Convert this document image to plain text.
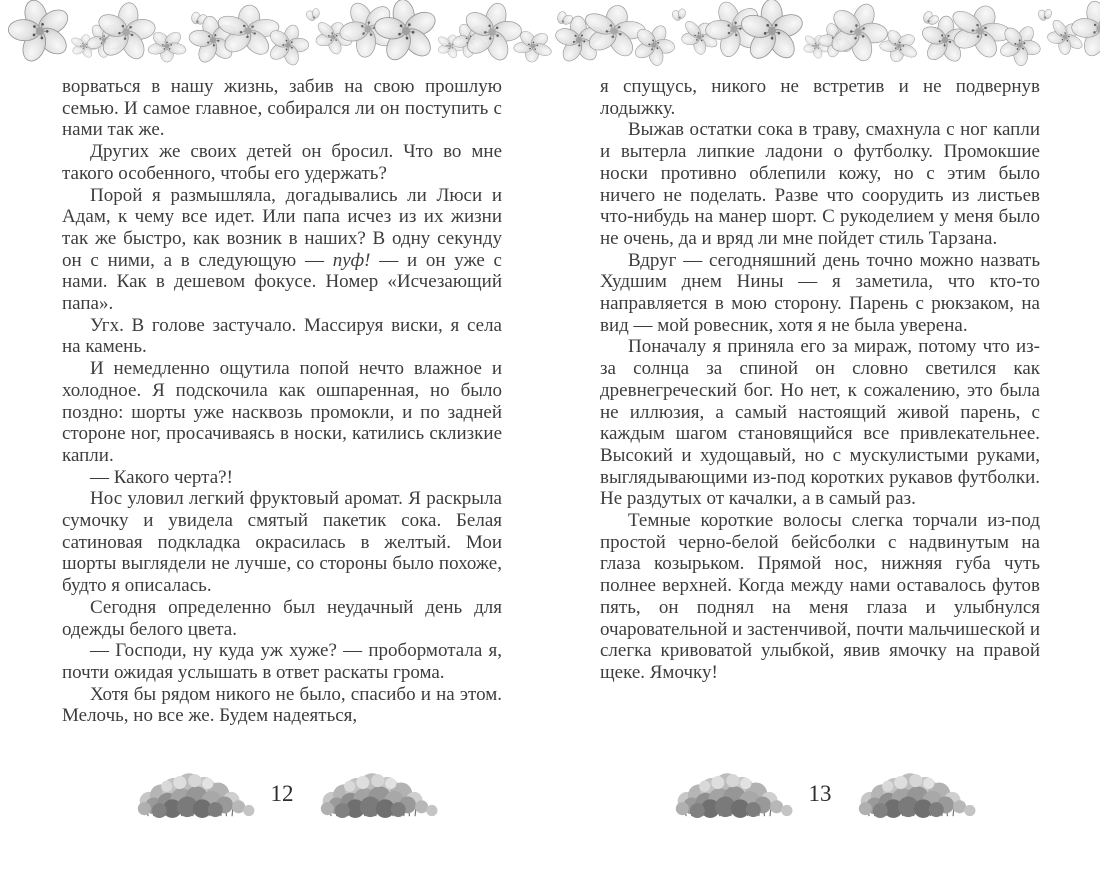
ворваться в нашу жизнь, забив на свою прошлую семью. И самое главное, собирался ли он поступить с нами так же.

Других же своих детей он бросил. Что во мне такого особенного, чтобы его удержать?

Порой я размышляла, догадывались ли Люси и Адам, к чему все идет. Или папа исчез из их жизни так же быстро, как возник в наших? В одну секунду он с ними, а в следующую — пуф! — и он уже с нами. Как в дешевом фокусе. Номер «Исчезающий папа».

Угх. В голове застучало. Массируя виски, я села на камень.

И немедленно ощутила попой нечто влажное и холодное. Я подскочила как ошпаренная, но было поздно: шорты уже насквозь промокли, и по задней стороне ног, просачиваясь в носки, катились склизкие капли.

— Какого черта?!

Нос уловил легкий фруктовый аромат. Я раскрыла сумочку и увидела смятый пакетик сока. Белая сатиновая подкладка окрасилась в желтый. Мои шорты выглядели не лучше, со стороны было похоже, будто я описалась.

Сегодня определенно был неудачный день для одежды белого цвета.

— Господи, ну куда уж хуже? — пробормотала я, почти ожидая услышать в ответ раскаты грома.

Хотя бы рядом никого не было, спасибо и на этом. Мелочь, но все же. Будем надеяться,

я спущусь, никого не встретив и не подвернув лодыжку.

Выжав остатки сока в траву, смахнула с ног капли и вытерла липкие ладони о футболку. Промокшие носки противно облепили кожу, но с этим было ничего не поделать. Разве что соорудить из листьев что-нибудь на манер шорт. С рукоделием у меня было не очень, да и вряд ли мне пойдет стиль Тарзана.

Вдруг — сегодняшний день точно можно назвать Худшим днем Нины — я заметила, что кто-то направляется в мою сторону. Парень с рюкзаком, на вид — мой ровесник, хотя я не была уверена.

Поначалу я приняла его за мираж, потому что из-за солнца за спиной он словно светился как древнегреческий бог. Но нет, к сожалению, это была не иллюзия, а самый настоящий живой парень, с каждым шагом становящийся все привлекательнее. Высокий и худощавый, но с мускулистыми руками, выглядывающими из-под коротких рукавов футболки. Не раздутых от качалки, а в самый раз.

Темные короткие волосы слегка торчали из-под простой черно-белой бейсболки с надвинутым на глаза козырьком. Прямой нос, нижняя губа чуть полнее верхней. Когда между нами оставалось футов пять, он поднял на меня глаза и улыбнулся очаровательной и застенчивой, почти мальчишеской и слегка кривоватой улыбкой, явив ямочку на правой щеке. Ямочку!

12	13
